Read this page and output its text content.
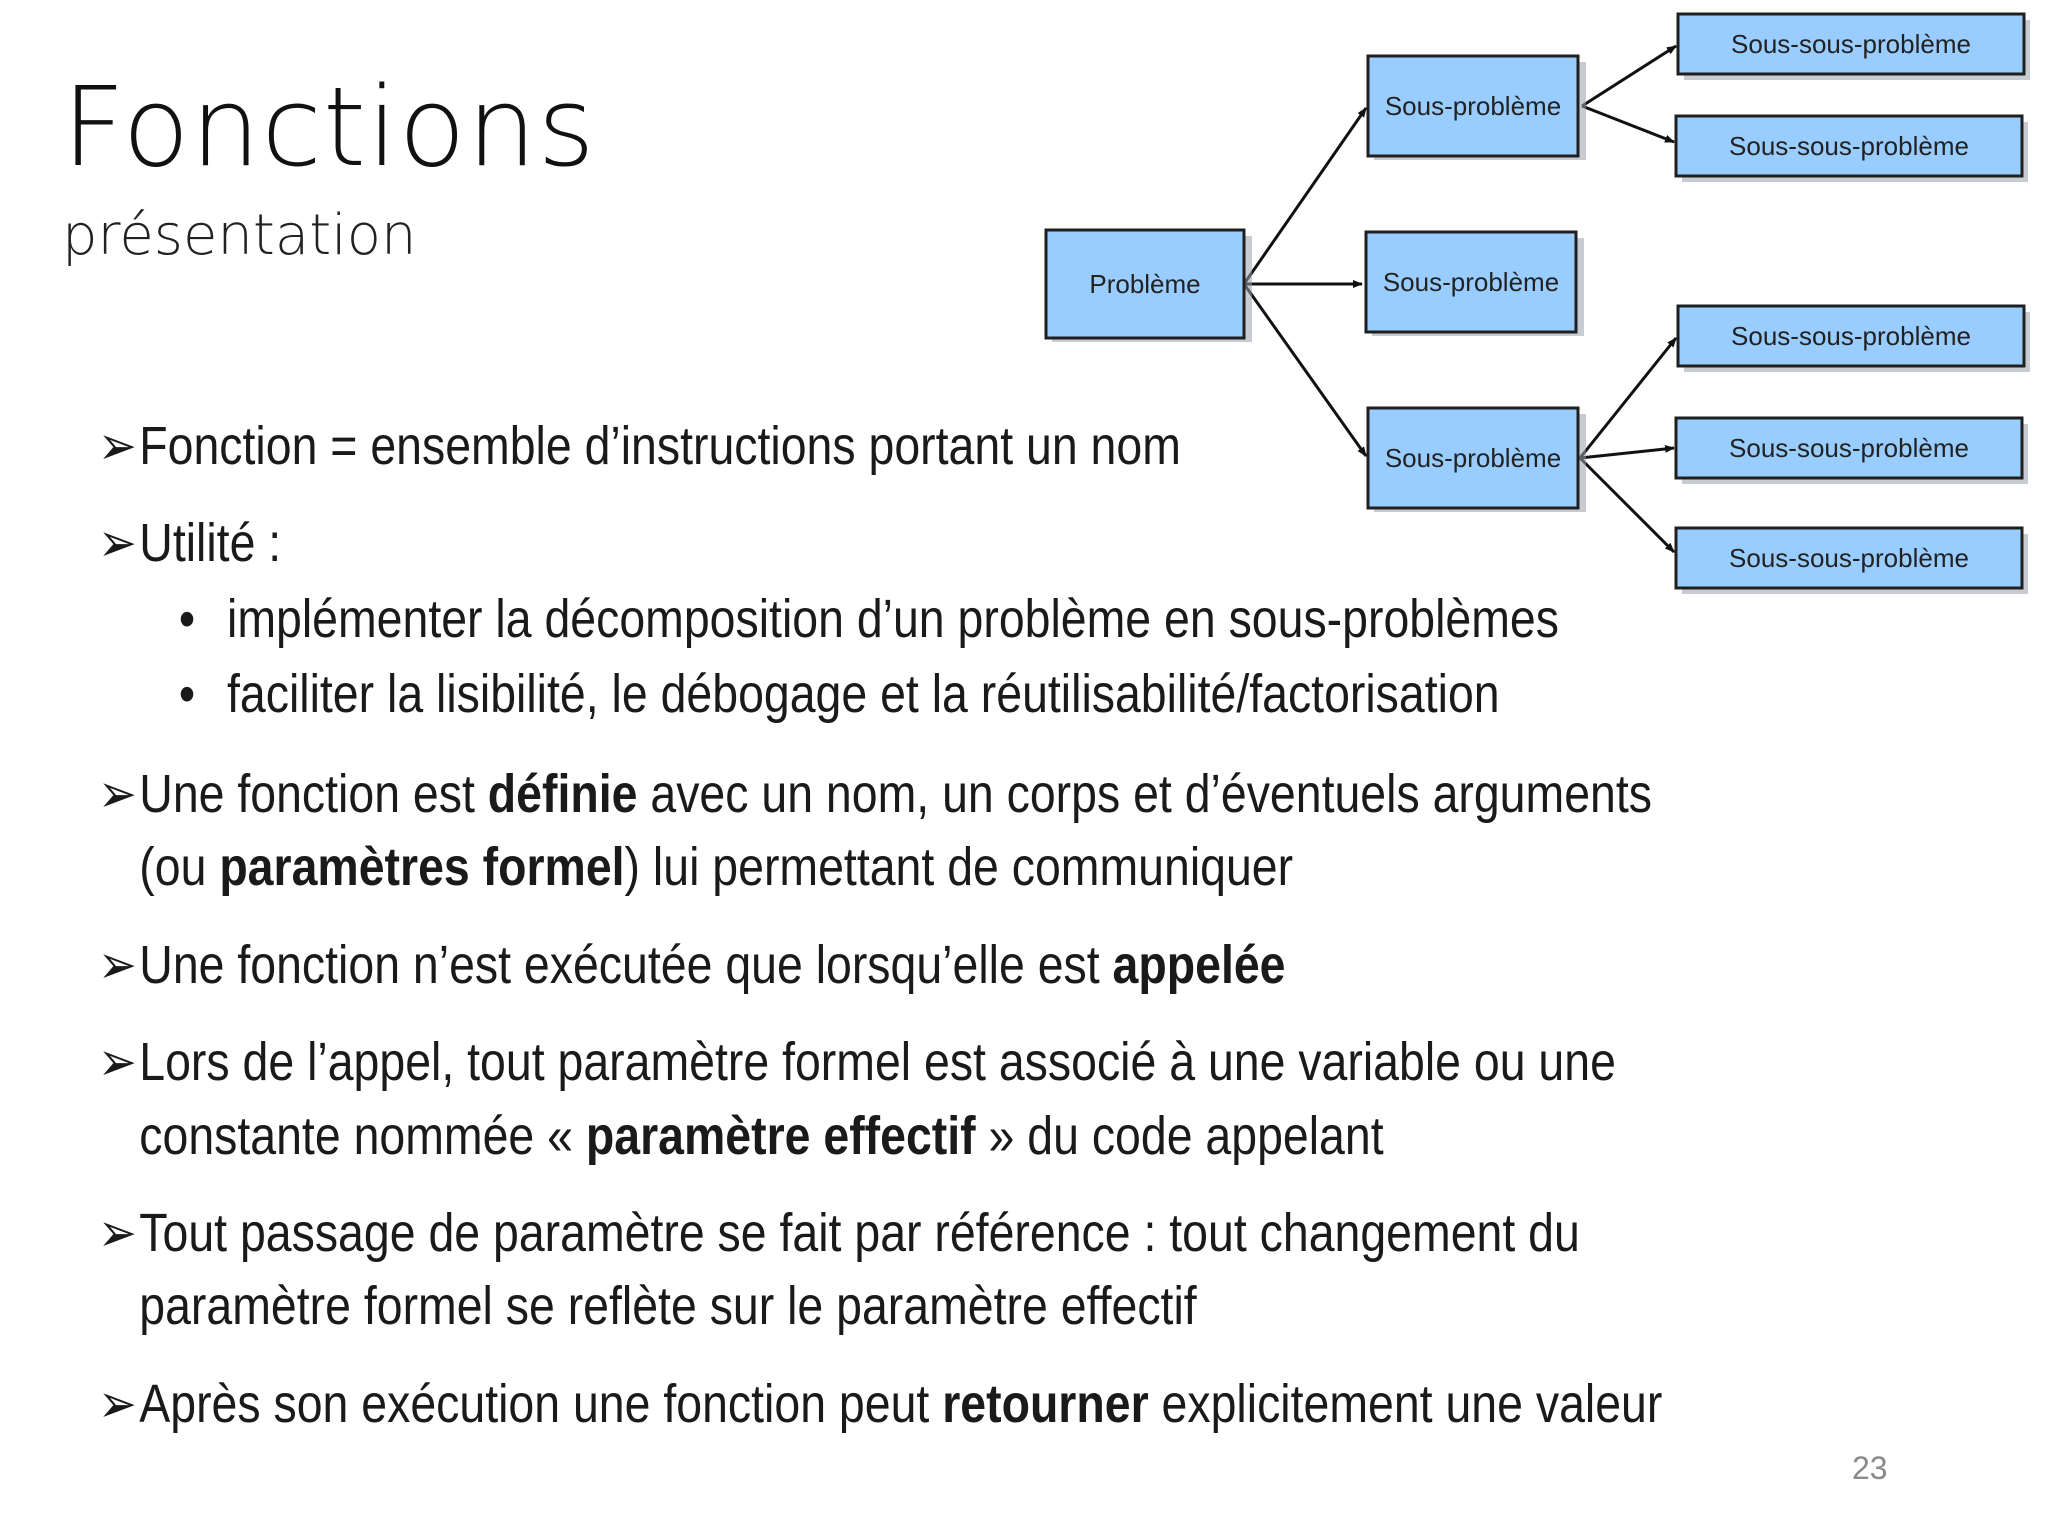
Fonctions
présentation
Problème
Sous-problème
Sous-problème
Sous-problème
Sous-sous-problème
Sous-sous-problème
Sous-sous-problème
Sous-sous-problème
Sous-sous-problème

➢ Fonction = ensemble d’instructions portant un nom

➢ Utilité :

• implémenter la décomposition d’un problème en sous-problèmes

• faciliter la lisibilité, le débogage et la réutilisabilité/factorisation

➢ Une fonction est définie avec un nom, un corps et d’éventuels arguments (ou paramètres formel) lui permettant de communiquer

➢ Une fonction n’est exécutée que lorsqu’elle est appelée

➢ Lors de l’appel, tout paramètre formel est associé à une variable ou une constante nommée « paramètre effectif » du code appelant

➢ Tout passage de paramètre se fait par référence : tout changement du paramètre formel se reflète sur le paramètre effectif

➢ Après son exécution une fonction peut retourner explicitement une valeur

23
